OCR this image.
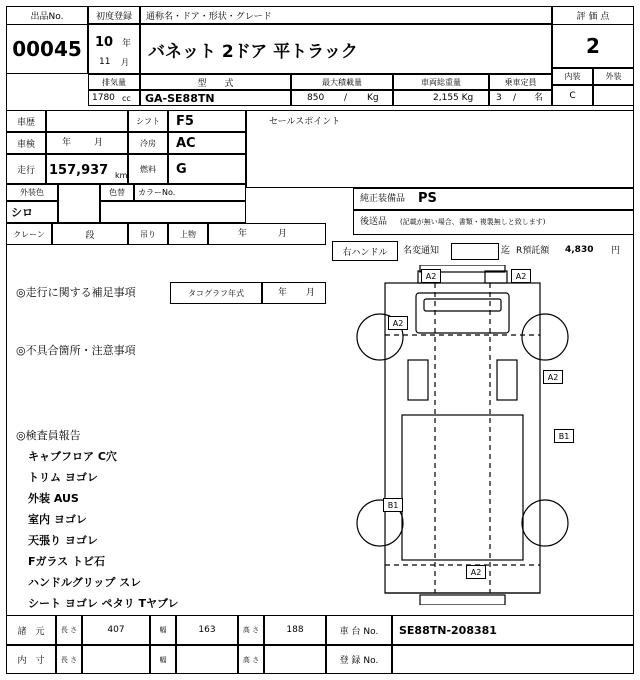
出品No.
00045
初度登録	通称名・ドア・形状・グレード
10 年
11 月
バネット 2ドア 平トラック
評 価 点
2
内装	外装
C
排気量	型　　式	最大積載量	車両総重量	乗車定員
1780 cc GA-SE88TN	850 / Kg	2,155 Kg	3 / 名
車歴	シフト	F5
車検	年	月	冷房	AC
走行	157,937 km
燃料	G
外装色	色替	カラーNo.
シロ
クレーン	段	吊り	上物	年	月
セールスポイント
純正装備品 PS
後送品 (記載が無い場合、書類・複製無しと致します)
右ハンドル	名変通知	迄 R預託額 4,830 円
◎走行に関する補足事項	タコグラフ年式	年 月
◎不具合箇所・注意事項
◎検査員報告
キャブフロア C穴
トリム ヨゴレ
外装 AUS
室内 ヨゴレ
天張り ヨゴレ
Fガラス トビ石
ハンドルグリップ スレ
シート ヨゴレ ペタリ Tヤブレ
A2	A2
A2
A2
B1
B1
A2
諸　元	長 さ	407	幅	163	高 さ	188	車 台 No.	SE88TN-208381
内　寸	長 さ	幅	高 さ	登 録 No.
